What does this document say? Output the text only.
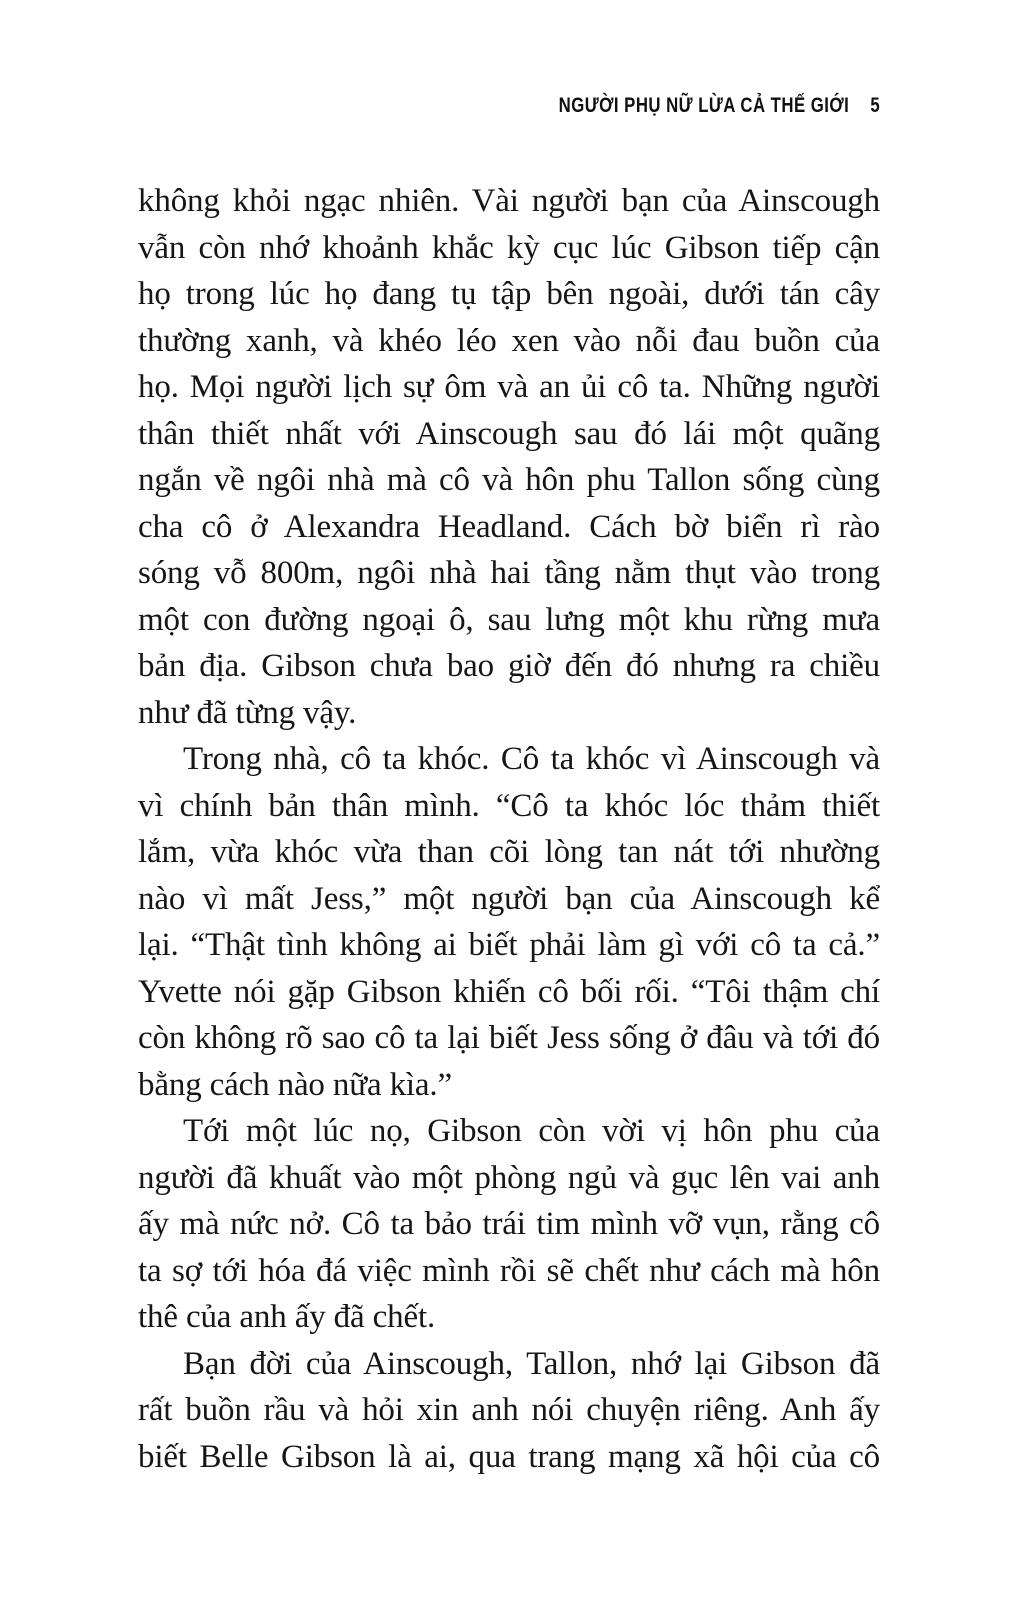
NGƯỜI PHỤ NỮ LỪA CẢ THẾ GIỚI 5
không khỏi ngạc nhiên. Vài người bạn của Ainscough
vẫn còn nhớ khoảnh khắc kỳ cục lúc Gibson tiếp cận
họ trong lúc họ đang tụ tập bên ngoài, dưới tán cây
thường xanh, và khéo léo xen vào nỗi đau buồn của
họ. Mọi người lịch sự ôm và an ủi cô ta. Những người
thân thiết nhất với Ainscough sau đó lái một quãng
ngắn về ngôi nhà mà cô và hôn phu Tallon sống cùng
cha cô ở Alexandra Headland. Cách bờ biển rì rào
sóng vỗ 800m, ngôi nhà hai tầng nằm thụt vào trong
một con đường ngoại ô, sau lưng một khu rừng mưa
bản địa. Gibson chưa bao giờ đến đó nhưng ra chiều
như đã từng vậy.
Trong nhà, cô ta khóc. Cô ta khóc vì Ainscough và
vì chính bản thân mình. “Cô ta khóc lóc thảm thiết
lắm, vừa khóc vừa than cõi lòng tan nát tới nhường
nào vì mất Jess,” một người bạn của Ainscough kể
lại. “Thật tình không ai biết phải làm gì với cô ta cả.”
Yvette nói gặp Gibson khiến cô bối rối. “Tôi thậm chí
còn không rõ sao cô ta lại biết Jess sống ở đâu và tới đó
bằng cách nào nữa kìa.”
Tới một lúc nọ, Gibson còn vời vị hôn phu của
người đã khuất vào một phòng ngủ và gục lên vai anh
ấy mà nức nở. Cô ta bảo trái tim mình vỡ vụn, rằng cô
ta sợ tới hóa đá việc mình rồi sẽ chết như cách mà hôn
thê của anh ấy đã chết.
Bạn đời của Ainscough, Tallon, nhớ lại Gibson đã
rất buồn rầu và hỏi xin anh nói chuyện riêng. Anh ấy
biết Belle Gibson là ai, qua trang mạng xã hội của cô
